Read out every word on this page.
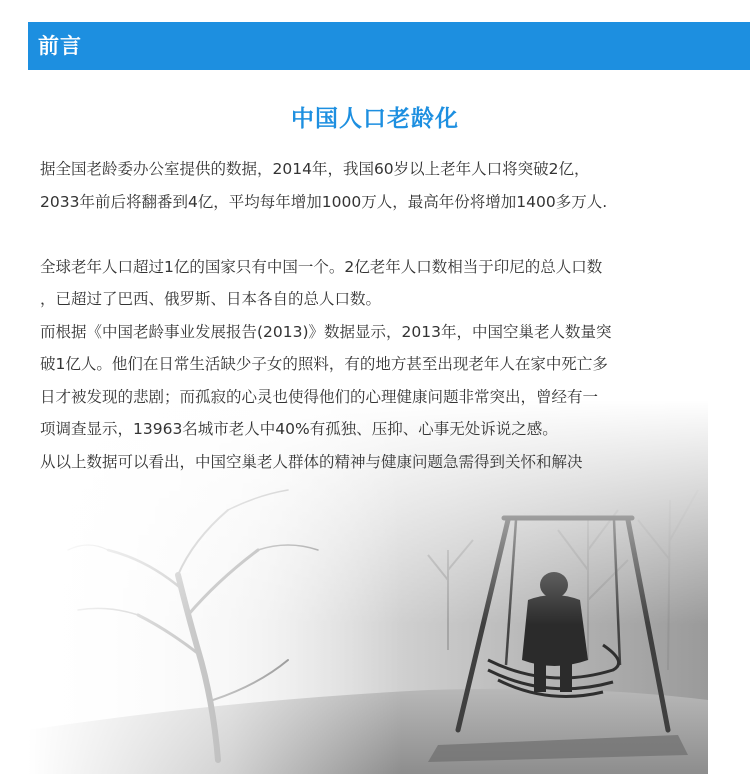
前言
中国人口老龄化
据全国老龄委办公室提供的数据，2014年，我国60岁以上老年人口将突破2亿，
2033年前后将翻番到4亿，平均每年增加1000万人，最高年份将增加1400多万人.
全球老年人口超过1亿的国家只有中国一个。2亿老年人口数相当于印尼的总人口数
，已超过了巴西、俄罗斯、日本各自的总人口数。
而根据《中国老龄事业发展报告(2013)》数据显示，2013年，中国空巢老人数量突
破1亿人。他们在日常生活缺少子女的照料，有的地方甚至出现老年人在家中死亡多
日才被发现的悲剧；而孤寂的心灵也使得他们的心理健康问题非常突出，曾经有一
项调查显示，13963名城市老人中40%有孤独、压抑、心事无处诉说之感。
从以上数据可以看出，中国空巢老人群体的精神与健康问题急需得到关怀和解决
